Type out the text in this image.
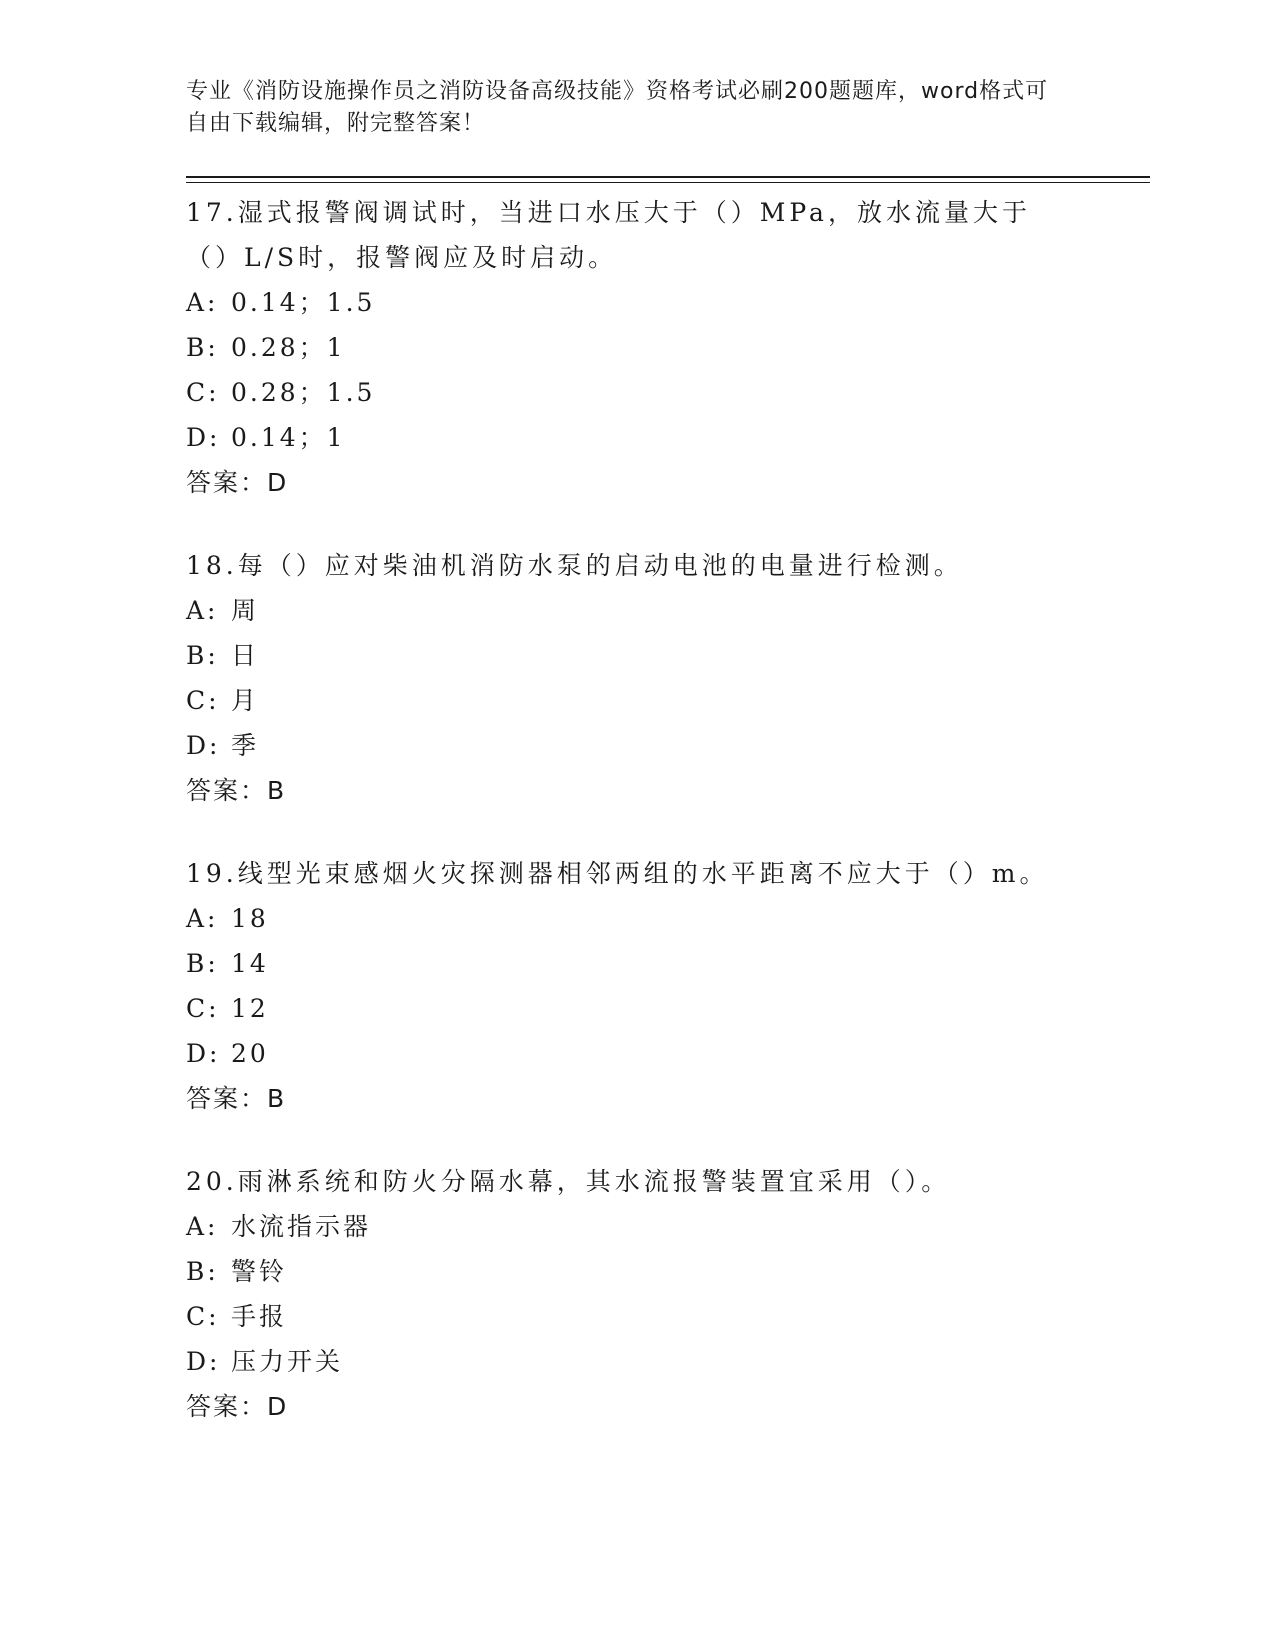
专业《消防设施操作员之消防设备高级技能》资格考试必刷200题题库，word格式可自由下载编辑，附完整答案！

17.湿式报警阀调试时，当进口水压大于（）MPa，放水流量大于（）L/S时，报警阀应及时启动。

A: 0.14；1.5

B: 0.28；1

C: 0.28；1.5

D: 0.14；1

答案： D

18.每（）应对柴油机消防水泵的启动电池的电量进行检测。

A: 周

B: 日

C: 月

D: 季

答案： B

19.线型光束感烟火灾探测器相邻两组的水平距离不应大于（）m。

A: 18

B: 14

C: 12

D: 20

答案： B

20.雨淋系统和防火分隔水幕，其水流报警装置宜采用（）。

A: 水流指示器

B: 警铃

C: 手报

D: 压力开关

答案： D
